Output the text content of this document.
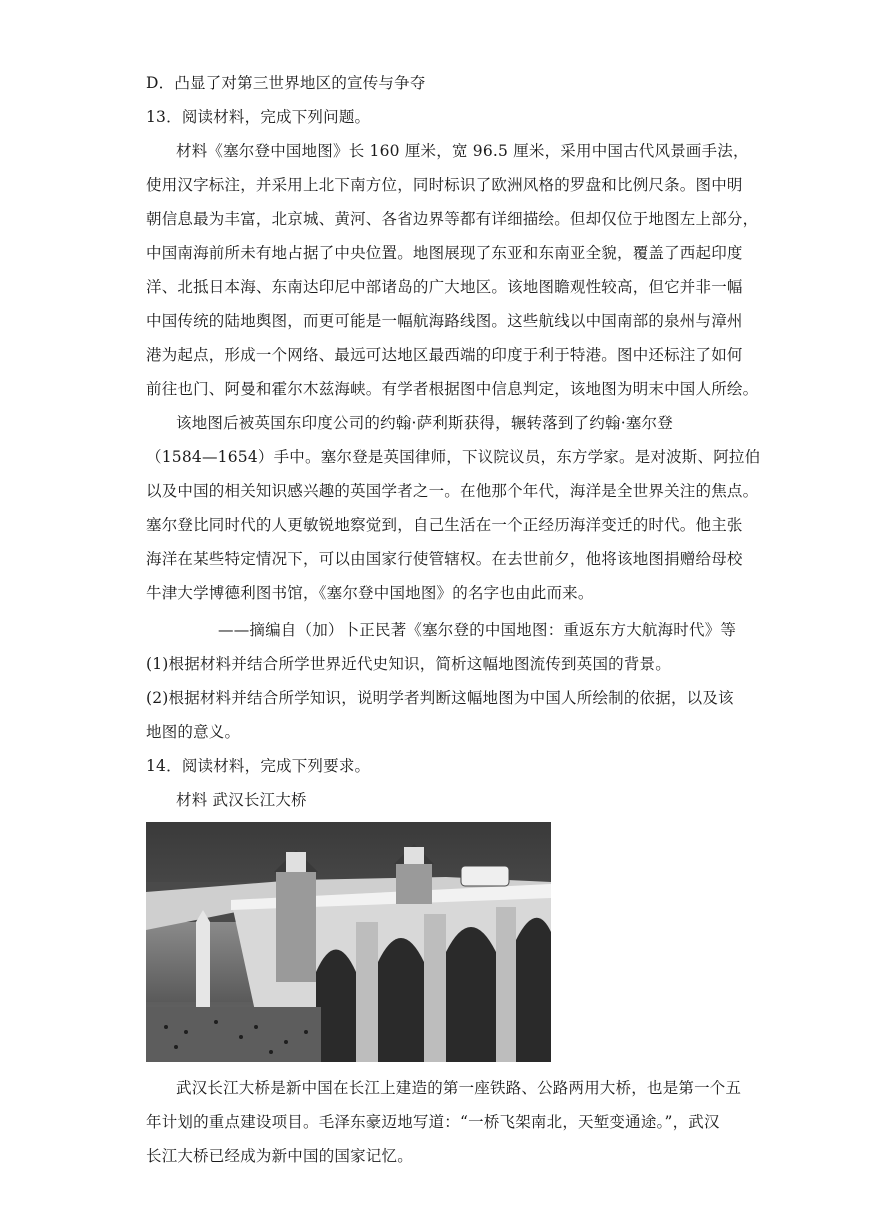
D．凸显了对第三世界地区的宣传与争夺
13．阅读材料，完成下列问题。
材料《塞尔登中国地图》长 160 厘米，宽 96.5 厘米，采用中国古代风景画手法，
使用汉字标注，并采用上北下南方位，同时标识了欧洲风格的罗盘和比例尺条。图中明
朝信息最为丰富，北京城、黄河、各省边界等都有详细描绘。但却仅位于地图左上部分，
中国南海前所未有地占据了中央位置。地图展现了东亚和东南亚全貌，覆盖了西起印度
洋、北抵日本海、东南达印尼中部诸岛的广大地区。该地图瞻观性较高，但它并非一幅
中国传统的陆地舆图，而更可能是一幅航海路线图。这些航线以中国南部的泉州与漳州
港为起点，形成一个网络、最远可达地区最西端的印度于利于特港。图中还标注了如何
前往也门、阿曼和霍尔木兹海峡。有学者根据图中信息判定，该地图为明末中国人所绘。
该地图后被英国东印度公司的约翰·萨利斯获得，辗转落到了约翰·塞尔登
（1584—1654）手中。塞尔登是英国律师，下议院议员，东方学家。是对波斯、阿拉伯
以及中国的相关知识感兴趣的英国学者之一。在他那个年代，海洋是全世界关注的焦点。
塞尔登比同时代的人更敏锐地察觉到，自己生活在一个正经历海洋变迁的时代。他主张
海洋在某些特定情况下，可以由国家行使管辖权。在去世前夕，他将该地图捐赠给母校
牛津大学博德利图书馆，《塞尔登中国地图》的名字也由此而来。
——摘编自（加）卜正民著《塞尔登的中国地图：重返东方大航海时代》等
(1)根据材料并结合所学世界近代史知识，简析这幅地图流传到英国的背景。
(2)根据材料并结合所学知识，说明学者判断这幅地图为中国人所绘制的依据，以及该
地图的意义。
14．阅读材料，完成下列要求。
材料 武汉长江大桥
武汉长江大桥是新中国在长江上建造的第一座铁路、公路两用大桥，也是第一个五
年计划的重点建设项目。毛泽东豪迈地写道：“一桥飞架南北，天堑变通途。”，武汉
长江大桥已经成为新中国的国家记忆。
